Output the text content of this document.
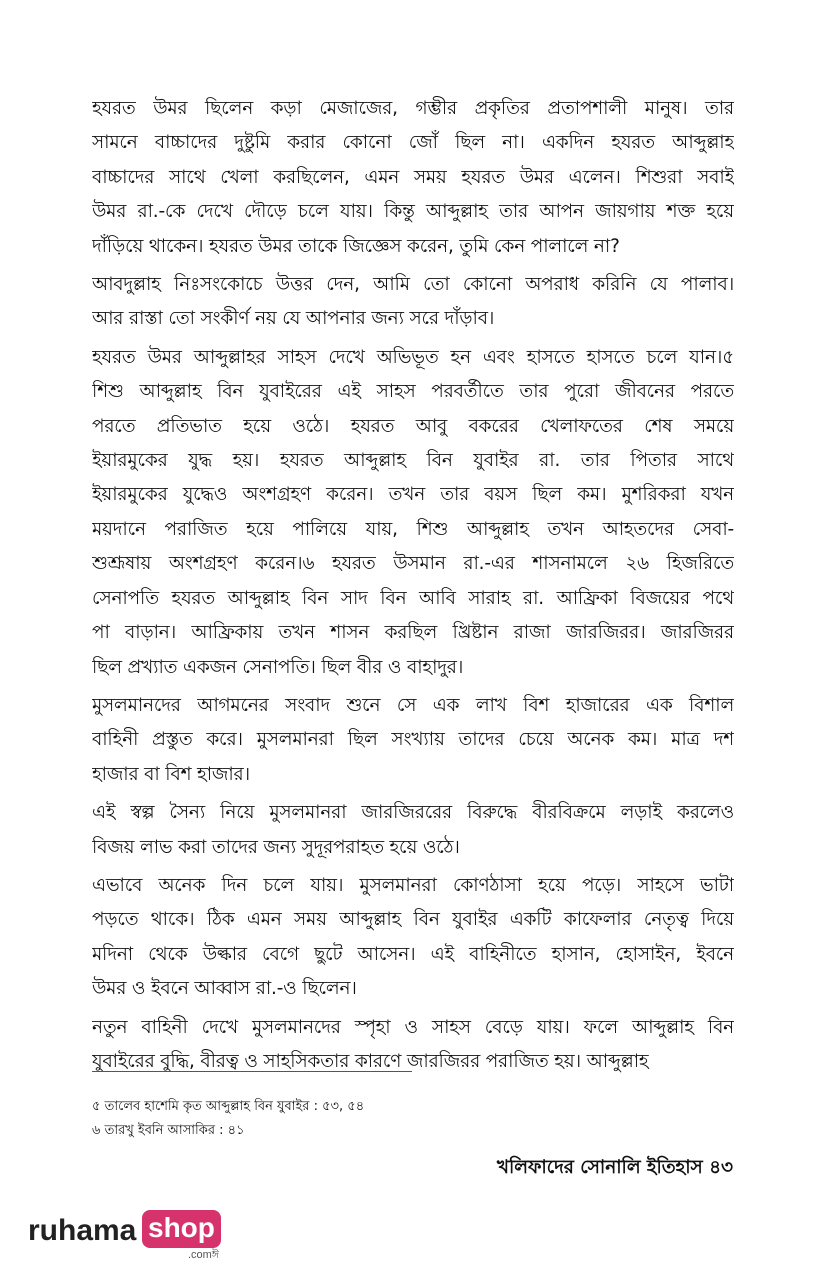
হযরত উমর ছিলেন কড়া মেজাজের, গম্ভীর প্রকৃতির প্রতাপশালী মানুষ। তার
সামনে বাচ্চাদের দুষ্টুমি করার কোনো জোঁ ছিল না। একদিন হযরত আব্দুল্লাহ
বাচ্চাদের সাথে খেলা করছিলেন, এমন সময় হযরত উমর এলেন। শিশুরা সবাই
উমর রা.-কে দেখে দৌড়ে চলে যায়। কিন্তু আব্দুল্লাহ তার আপন জায়গায় শক্ত হয়ে
দাঁড়িয়ে থাকেন। হযরত উমর তাকে জিজ্ঞেস করেন, তুমি কেন পালালে না?
আবদুল্লাহ নিঃসংকোচে উত্তর দেন, আমি তো কোনো অপরাধ করিনি যে পালাব।
আর রাস্তা তো সংকীর্ণ নয় যে আপনার জন্য সরে দাঁড়াব।
হযরত উমর আব্দুল্লাহর সাহস দেখে অভিভূত হন এবং হাসতে হাসতে চলে যান।৫
শিশু আব্দুল্লাহ বিন যুবাইরের এই সাহস পরবর্তীতে তার পুরো জীবনের পরতে
পরতে প্রতিভাত হয়ে ওঠে। হযরত আবু বকরের খেলাফতের শেষ সময়ে
ইয়ারমুকের যুদ্ধ হয়। হযরত আব্দুল্লাহ বিন যুবাইর রা. তার পিতার সাথে
ইয়ারমুকের যুদ্ধেও অংশগ্রহণ করেন। তখন তার বয়স ছিল কম। মুশরিকরা যখন
ময়দানে পরাজিত হয়ে পালিয়ে যায়, শিশু আব্দুল্লাহ তখন আহতদের সেবা-
শুশ্রূষায় অংশগ্রহণ করেন।৬ হযরত উসমান রা.-এর শাসনামলে ২৬ হিজরিতে
সেনাপতি হযরত আব্দুল্লাহ বিন সাদ বিন আবি সারাহ রা. আফ্রিকা বিজয়ের পথে
পা বাড়ান। আফ্রিকায় তখন শাসন করছিল খ্রিষ্টান রাজা জারজিরর। জারজিরর
ছিল প্রখ্যাত একজন সেনাপতি। ছিল বীর ও বাহাদুর।
মুসলমানদের আগমনের সংবাদ শুনে সে এক লাখ বিশ হাজারের এক বিশাল
বাহিনী প্রস্তুত করে। মুসলমানরা ছিল সংখ্যায় তাদের চেয়ে অনেক কম। মাত্র দশ
হাজার বা বিশ হাজার।
এই স্বল্প সৈন্য নিয়ে মুসলমানরা জারজিররের বিরুদ্ধে বীরবিক্রমে লড়াই করলেও
বিজয় লাভ করা তাদের জন্য সুদূরপরাহত হয়ে ওঠে।
এভাবে অনেক দিন চলে যায়। মুসলমানরা কোণঠাসা হয়ে পড়ে। সাহসে ভাটা
পড়তে থাকে। ঠিক এমন সময় আব্দুল্লাহ বিন যুবাইর একটি কাফেলার নেতৃত্ব দিয়ে
মদিনা থেকে উল্কার বেগে ছুটে আসেন। এই বাহিনীতে হাসান, হোসাইন, ইবনে
উমর ও ইবনে আব্বাস রা.-ও ছিলেন।
নতুন বাহিনী দেখে মুসলমানদের স্পৃহা ও সাহস বেড়ে যায়। ফলে আব্দুল্লাহ বিন
যুবাইরের বুদ্ধি, বীরত্ব ও সাহসিকতার কারণে জারজিরর পরাজিত হয়। আব্দুল্লাহ
৫ তালেব হাশেমি কৃত আব্দুল্লাহ বিন যুবাইর : ৫৩, ৫৪
৬ তারখু ইবনি আসাকির : ৪১
খলিফাদের সোনালি ইতিহাস ৪৩
ruhama shop
.comঈ
